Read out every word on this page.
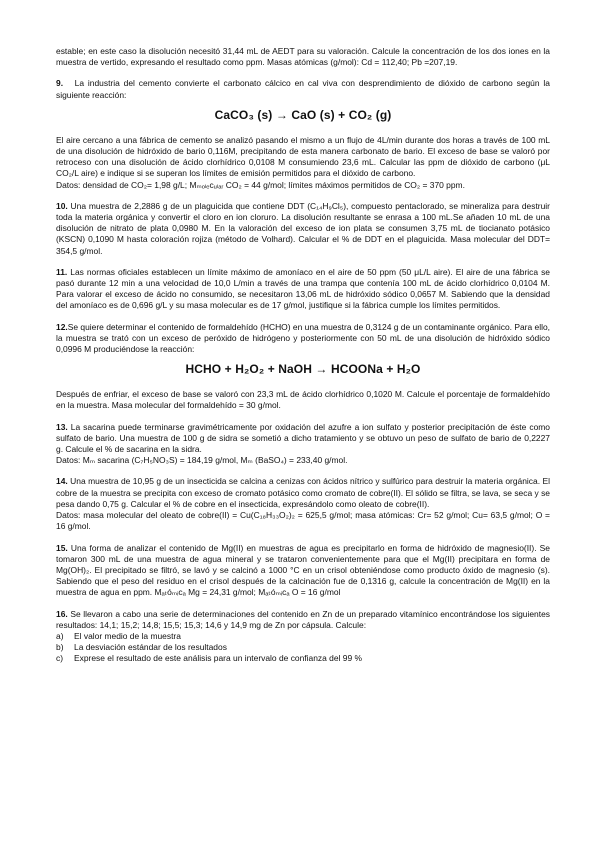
estable; en este caso la disolución necesitó 31,44 mL de AEDT para su valoración. Calcule la concentración de los dos iones en la muestra de vertido, expresando el resultado como ppm. Masas atómicas (g/mol): Cd = 112,40; Pb =207,19.

9. La industria del cemento convierte el carbonato cálcico en cal viva con desprendimiento de dióxido de carbono según la siguiente reacción:

CaCO₃ (s) → CaO (s) + CO₂ (g)

El aire cercano a una fábrica de cemento se analizó pasando el mismo a un flujo de 4L/min durante dos horas a través de 100 mL de una disolución de hidróxido de bario 0,116M, precipitando de esta manera carbonato de bario. El exceso de base se valoró por retroceso con una disolución de ácido clorhídrico 0,0108 M consumiendo 23,6 mL. Calcular las ppm de dióxido de carbono (μL CO₂/L aire) e indique si se superan los límites de emisión permitidos para el dióxido de carbono.
Datos: densidad de CO₂= 1,98 g/L; Mₘₒₗₑcᵤₗₐᵣ CO₂ = 44 g/mol; límites máximos permitidos de CO₂ = 370 ppm.

10. Una muestra de 2,2886 g de un plaguicida que contiene DDT (C₁₄H₉Cl₅), compuesto pentaclorado, se mineraliza para destruir toda la materia orgánica y convertir el cloro en ion cloruro. La disolución resultante se enrasa a 100 mL.Se añaden 10 mL de una disolución de nitrato de plata 0,0980 M. En la valoración del exceso de ion plata se consumen 3,75 mL de tiocianato potásico (KSCN) 0,1090 M hasta coloración rojiza (método de Volhard). Calcular el % de DDT en el plaguicida. Masa molecular del DDT= 354,5 g/mol.

11. Las normas oficiales establecen un límite máximo de amoníaco en el aire de 50 ppm (50 μL/L aire). El aire de una fábrica se pasó durante 12 min a una velocidad de 10,0 L/min a través de una trampa que contenía 100 mL de ácido clorhídrico 0,0104 M. Para valorar el exceso de ácido no consumido, se necesitaron 13,06 mL de hidróxido sódico 0,0657 M. Sabiendo que la densidad del amoníaco es de 0,696 g/L y su masa molecular es de 17 g/mol, justifique si la fábrica cumple los límites permitidos.

12.Se quiere determinar el contenido de formaldehído (HCHO) en una muestra de 0,3124 g de un contaminante orgánico. Para ello, la muestra se trató con un exceso de peróxido de hidrógeno y posteriormente con 50 mL de una disolución de hidróxido sódico 0,0996 M produciéndose la reacción:

HCHO + H₂O₂ + NaOH → HCOONa + H₂O

Después de enfriar, el exceso de base se valoró con 23,3 mL de ácido clorhídrico 0,1020 M. Calcule el porcentaje de formaldehído en la muestra. Masa molecular del formaldehído = 30 g/mol.

13. La sacarina puede terminarse gravimétricamente por oxidación del azufre a ion sulfato y posterior precipitación de éste como sulfato de bario. Una muestra de 100 g de sidra se sometió a dicho tratamiento y se obtuvo un peso de sulfato de bario de 0,2227 g. Calcule el % de sacarina en la sidra.
Datos: Mₘ sacarina (C₇H₅NO₃S) = 184,19 g/mol, Mₘ (BaSO₄) = 233,40 g/mol.

14. Una muestra de 10,95 g de un insecticida se calcina a cenizas con ácidos nítrico y sulfúrico para destruir la materia orgánica. El cobre de la muestra se precipita con exceso de cromato potásico como cromato de cobre(II). El sólido se filtra, se lava, se seca y se pesa dando 0,75 g. Calcular el % de cobre en el insecticida, expresándolo como oleato de cobre(II).
Datos: masa molecular del oleato de cobre(II) = Cu(C₁₈H₃₃O₂)₂ = 625,5 g/mol; masa atómicas: Cr= 52 g/mol; Cu= 63,5 g/mol; O = 16 g/mol.

15. Una forma de analizar el contenido de Mg(II) en muestras de agua es precipitarlo en forma de hidróxido de magnesio(II). Se tomaron 300 mL de una muestra de agua mineral y se trataron convenientemente para que el Mg(II) precipitara en forma de Mg(OH)₂. El precipitado se filtró, se lavó y se calcinó a 1000 °C en un crisol obteniéndose como producto óxido de magnesio (s). Sabiendo que el peso del residuo en el crisol después de la calcinación fue de 0,1316 g, calcule la concentración de Mg(II) en la muestra de agua en ppm. Mₐₜóₘᵢcₐ Mg = 24,31 g/mol; Mₐₜóₘᵢcₐ O = 16 g/mol

16. Se llevaron a cabo una serie de determinaciones del contenido en Zn de un preparado vitamínico encontrándose los siguientes resultados: 14,1; 15,2; 14,8; 15,5; 15,3; 14,6 y 14,9 mg de Zn por cápsula. Calcule:

a) El valor medio de la muestra
b) La desviación estándar de los resultados
c) Exprese el resultado de este análisis para un intervalo de confianza del 99 %
